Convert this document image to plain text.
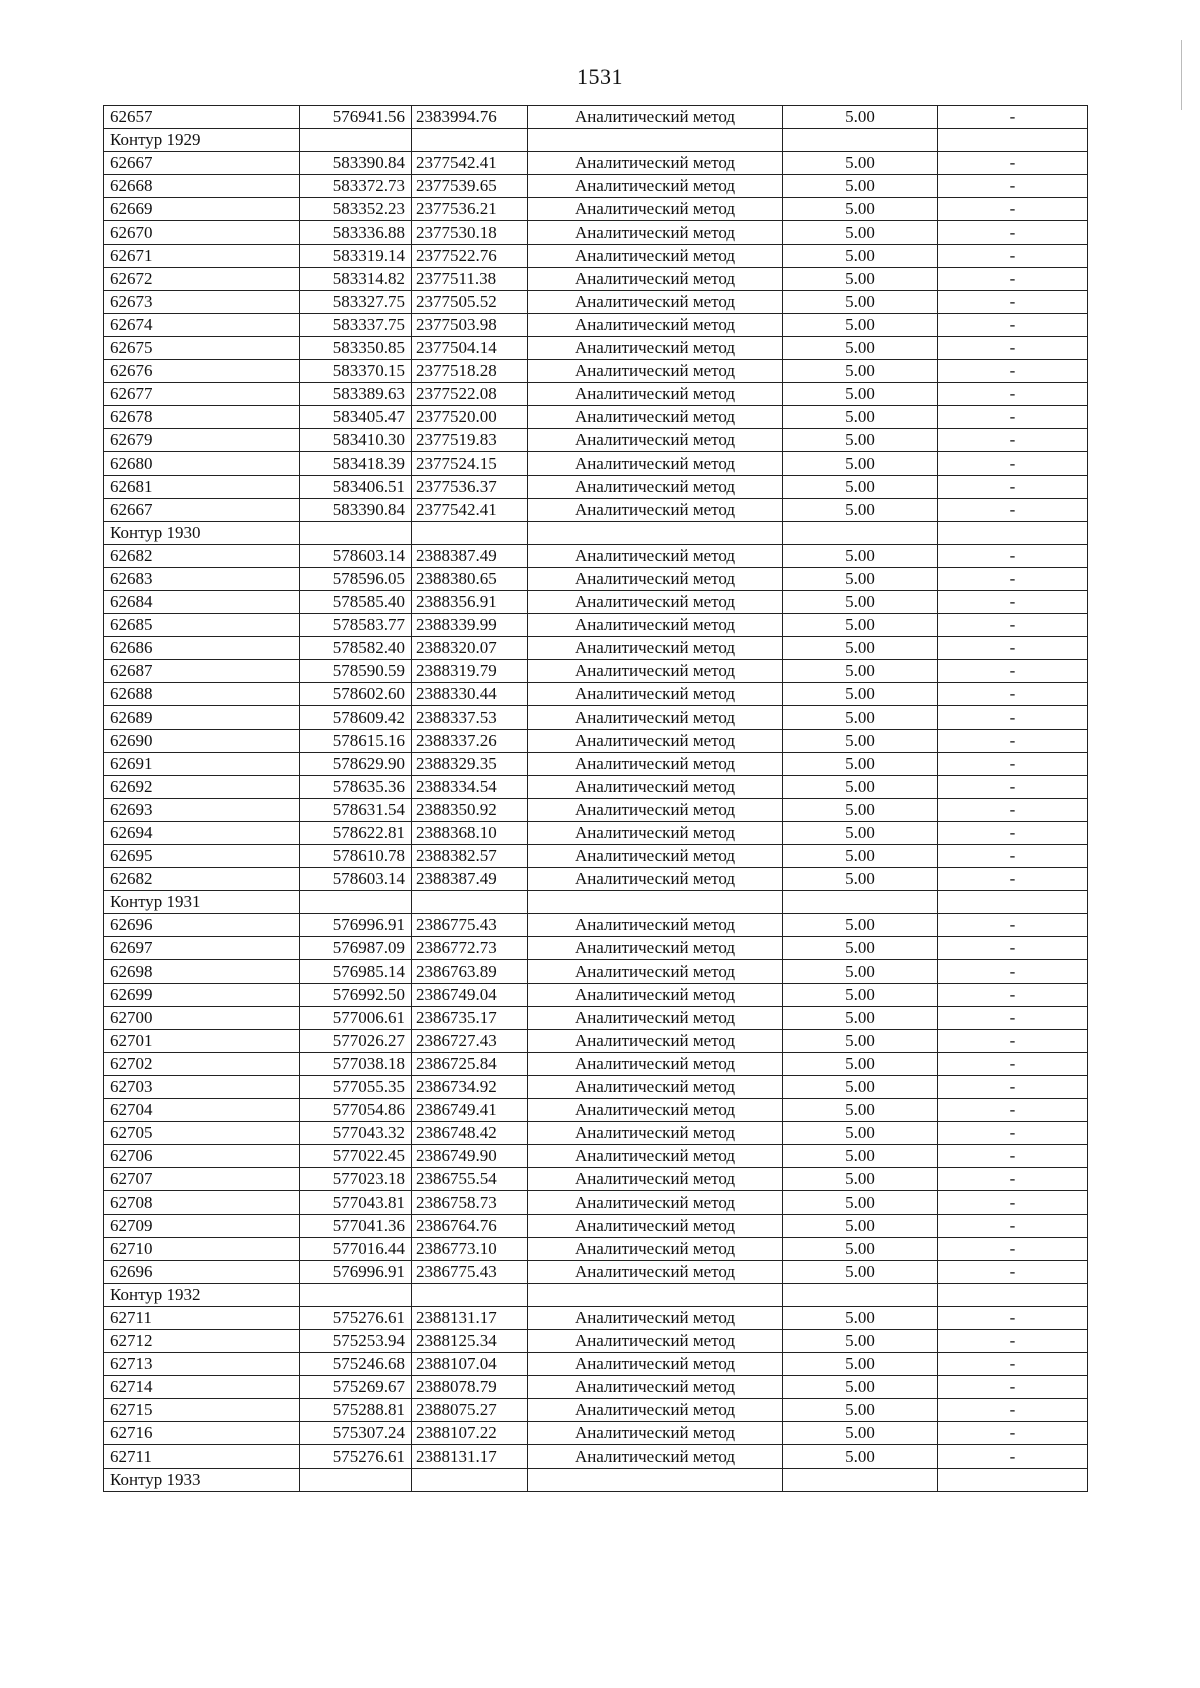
1531
62657	576941.56	2383994.76	Аналитический метод	5.00	-
Контур 1929					
62667	583390.84	2377542.41	Аналитический метод	5.00	-
62668	583372.73	2377539.65	Аналитический метод	5.00	-
62669	583352.23	2377536.21	Аналитический метод	5.00	-
62670	583336.88	2377530.18	Аналитический метод	5.00	-
62671	583319.14	2377522.76	Аналитический метод	5.00	-
62672	583314.82	2377511.38	Аналитический метод	5.00	-
62673	583327.75	2377505.52	Аналитический метод	5.00	-
62674	583337.75	2377503.98	Аналитический метод	5.00	-
62675	583350.85	2377504.14	Аналитический метод	5.00	-
62676	583370.15	2377518.28	Аналитический метод	5.00	-
62677	583389.63	2377522.08	Аналитический метод	5.00	-
62678	583405.47	2377520.00	Аналитический метод	5.00	-
62679	583410.30	2377519.83	Аналитический метод	5.00	-
62680	583418.39	2377524.15	Аналитический метод	5.00	-
62681	583406.51	2377536.37	Аналитический метод	5.00	-
62667	583390.84	2377542.41	Аналитический метод	5.00	-
Контур 1930					
62682	578603.14	2388387.49	Аналитический метод	5.00	-
62683	578596.05	2388380.65	Аналитический метод	5.00	-
62684	578585.40	2388356.91	Аналитический метод	5.00	-
62685	578583.77	2388339.99	Аналитический метод	5.00	-
62686	578582.40	2388320.07	Аналитический метод	5.00	-
62687	578590.59	2388319.79	Аналитический метод	5.00	-
62688	578602.60	2388330.44	Аналитический метод	5.00	-
62689	578609.42	2388337.53	Аналитический метод	5.00	-
62690	578615.16	2388337.26	Аналитический метод	5.00	-
62691	578629.90	2388329.35	Аналитический метод	5.00	-
62692	578635.36	2388334.54	Аналитический метод	5.00	-
62693	578631.54	2388350.92	Аналитический метод	5.00	-
62694	578622.81	2388368.10	Аналитический метод	5.00	-
62695	578610.78	2388382.57	Аналитический метод	5.00	-
62682	578603.14	2388387.49	Аналитический метод	5.00	-
Контур 1931					
62696	576996.91	2386775.43	Аналитический метод	5.00	-
62697	576987.09	2386772.73	Аналитический метод	5.00	-
62698	576985.14	2386763.89	Аналитический метод	5.00	-
62699	576992.50	2386749.04	Аналитический метод	5.00	-
62700	577006.61	2386735.17	Аналитический метод	5.00	-
62701	577026.27	2386727.43	Аналитический метод	5.00	-
62702	577038.18	2386725.84	Аналитический метод	5.00	-
62703	577055.35	2386734.92	Аналитический метод	5.00	-
62704	577054.86	2386749.41	Аналитический метод	5.00	-
62705	577043.32	2386748.42	Аналитический метод	5.00	-
62706	577022.45	2386749.90	Аналитический метод	5.00	-
62707	577023.18	2386755.54	Аналитический метод	5.00	-
62708	577043.81	2386758.73	Аналитический метод	5.00	-
62709	577041.36	2386764.76	Аналитический метод	5.00	-
62710	577016.44	2386773.10	Аналитический метод	5.00	-
62696	576996.91	2386775.43	Аналитический метод	5.00	-
Контур 1932					
62711	575276.61	2388131.17	Аналитический метод	5.00	-
62712	575253.94	2388125.34	Аналитический метод	5.00	-
62713	575246.68	2388107.04	Аналитический метод	5.00	-
62714	575269.67	2388078.79	Аналитический метод	5.00	-
62715	575288.81	2388075.27	Аналитический метод	5.00	-
62716	575307.24	2388107.22	Аналитический метод	5.00	-
62711	575276.61	2388131.17	Аналитический метод	5.00	-
Контур 1933					
